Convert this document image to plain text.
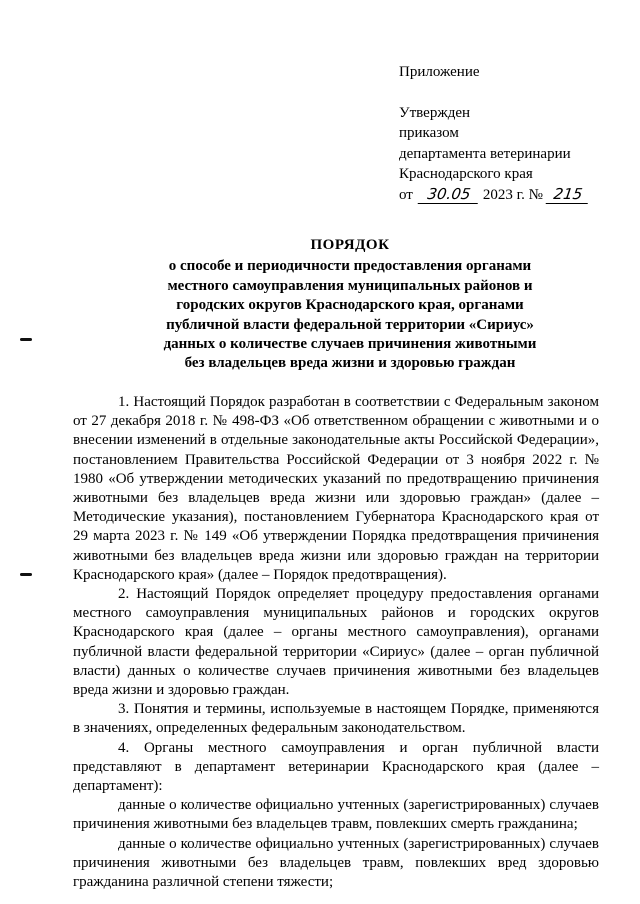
Приложение
Утвержден
приказом
департамента ветеринарии
Краснодарского края
от 30.05 2023 г. № 215
ПОРЯДОК
о способе и периодичности предоставления органами
местного самоуправления муниципальных районов и
городских округов Краснодарского края, органами
публичной власти федеральной территории «Сириус»
данных о количестве случаев причинения животными
без владельцев вреда жизни и здоровью граждан

1. Настоящий Порядок разработан в соответствии с Федеральным законом от 27 декабря 2018 г. № 498-ФЗ «Об ответственном обращении с животными и о внесении изменений в отдельные законодательные акты Российской Федерации», постановлением Правительства Российской Федерации от 3 ноября 2022 г. № 1980 «Об утверждении методических указаний по предотвращению причинения животными без владельцев вреда жизни или здоровью граждан» (далее – Методические указания), постановлением Губернатора Краснодарского края от 29 марта 2023 г. № 149 «Об утверждении Порядка предотвращения причинения животными без владельцев вреда жизни или здоровью граждан на территории Краснодарского края» (далее – Порядок предотвращения).

2. Настоящий Порядок определяет процедуру предоставления органами местного самоуправления муниципальных районов и городских округов Краснодарского края (далее – органы местного самоуправления), органами публичной власти федеральной территории «Сириус» (далее – орган публичной власти) данных о количестве случаев причинения животными без владельцев вреда жизни и здоровью граждан.

3. Понятия и термины, используемые в настоящем Порядке, применяются в значениях, определенных федеральным законодательством.

4. Органы местного самоуправления и орган публичной власти представляют в департамент ветеринарии Краснодарского края (далее – департамент):

данные о количестве официально учтенных (зарегистрированных) случаев причинения животными без владельцев травм, повлекших смерть гражданина;

данные о количестве официально учтенных (зарегистрированных) случаев причинения животными без владельцев травм, повлекших вред здоровью гражданина различной степени тяжести;
